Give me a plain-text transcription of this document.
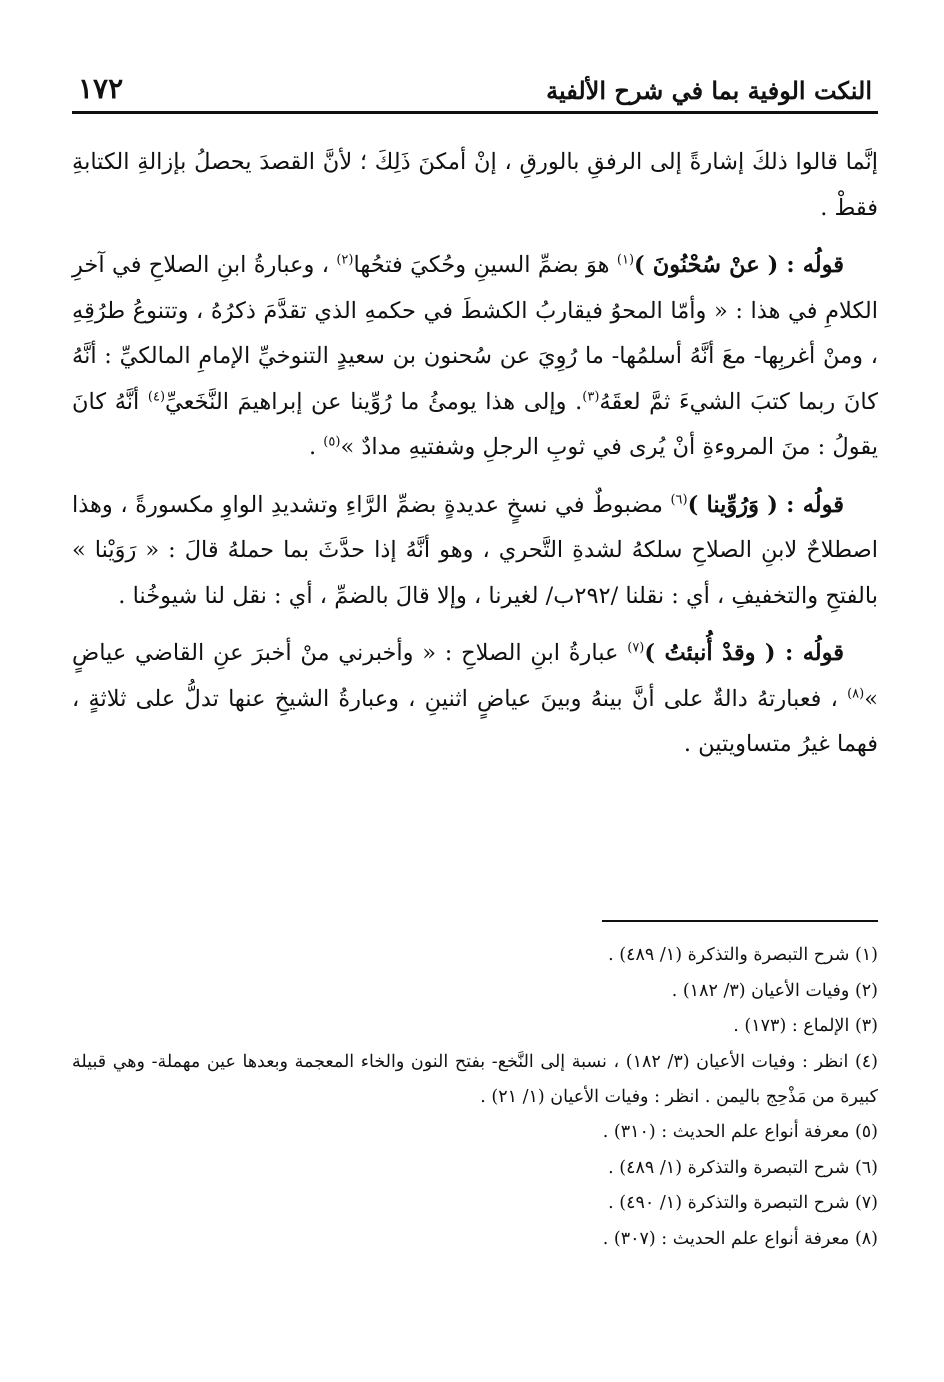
النكت الوفية بما في شرح الألفية
١٧٢

إنَّما قالوا ذلكَ إشارةً إلى الرفقِ بالورقِ ، إنْ أمكنَ ذَلِكَ ؛ لأنَّ القصدَ يحصلُ بإزالةِ الكتابةِ فقطْ .

قولُه : ( عنْ سُحْنُونَ )$^{(١)}$ هوَ بضمِّ السينِ وحُكيَ فتحُها$^{(٢)}$ ، وعبارةُ ابنِ الصلاحِ في آخرِ الكلامِ في هذا : « وأمّا المحوُ فيقاربُ الكشطَ في حكمهِ الذي تقدَّمَ ذكرُهُ ، وتتنوعُ طرُقِهِ ، ومنْ أغربِها- معَ أنَّهُ أسلمُها- ما رُوِيَ عن سُحنون بن سعيدٍ التنوخيِّ الإمامِ المالكيِّ : أنَّهُ كانَ ربما كتبَ الشيءَ ثمَّ لعقَهُ$^{(٣)}$. وإلى هذا يومئُ ما رُوِّينا عن إبراهيمَ النَّخَعيِّ$^{(٤)}$ أنَّهُ كانَ يقولُ : منَ المروءةِ أنْ يُرى في ثوبِ الرجلِ وشفتيهِ مدادٌ »$^{(٥)}$ .

قولُه : ( وَرُوِّينا )$^{(٦)}$ مضبوطٌ في نسخٍ عديدةٍ بضمِّ الرَّاءِ وتشديدِ الواوِ مكسورةً ، وهذا اصطلاحٌ لابنِ الصلاحِ سلكهُ لشدةِ التَّحري ، وهو أنَّهُ إذا حدَّثَ بما حملهُ قالَ : « رَوَيْنا » بالفتحِ والتخفيفِ ، أي : نقلنا /٢٩٢ب/ لغيرنا ، وإلا قالَ بالضمِّ ، أي : نقل لنا شيوخُنا .

قولُه : ( وقدْ أُنبئتُ )$^{(٧)}$ عبارةُ ابنِ الصلاحِ : « وأخبرني منْ أخبرَ عنِ القاضي عياضٍ »$^{(٨)}$ ، فعبارتهُ دالةٌ على أنَّ بينهُ وبينَ عياضٍ اثنينِ ، وعبارةُ الشيخِ عنها تدلُّ على ثلاثةٍ ، فهما غيرُ متساويتين .

(١) شرح التبصرة والتذكرة (١/ ٤٨٩) .
(٢) وفيات الأعيان (٣/ ١٨٢) .
(٣) الإلماع : (١٧٣) .
(٤) انظر : وفيات الأعيان (٣/ ١٨٢) ، نسبة إلى النَّخع- بفتح النون والخاء المعجمة وبعدها عين مهملة- وهي قبيلة كبيرة من مَذْحِج باليمن . انظر : وفيات الأعيان (١/ ٢١) .
(٥) معرفة أنواع علم الحديث : (٣١٠) .
(٦) شرح التبصرة والتذكرة (١/ ٤٨٩) .
(٧) شرح التبصرة والتذكرة (١/ ٤٩٠) .
(٨) معرفة أنواع علم الحديث : (٣٠٧) .
